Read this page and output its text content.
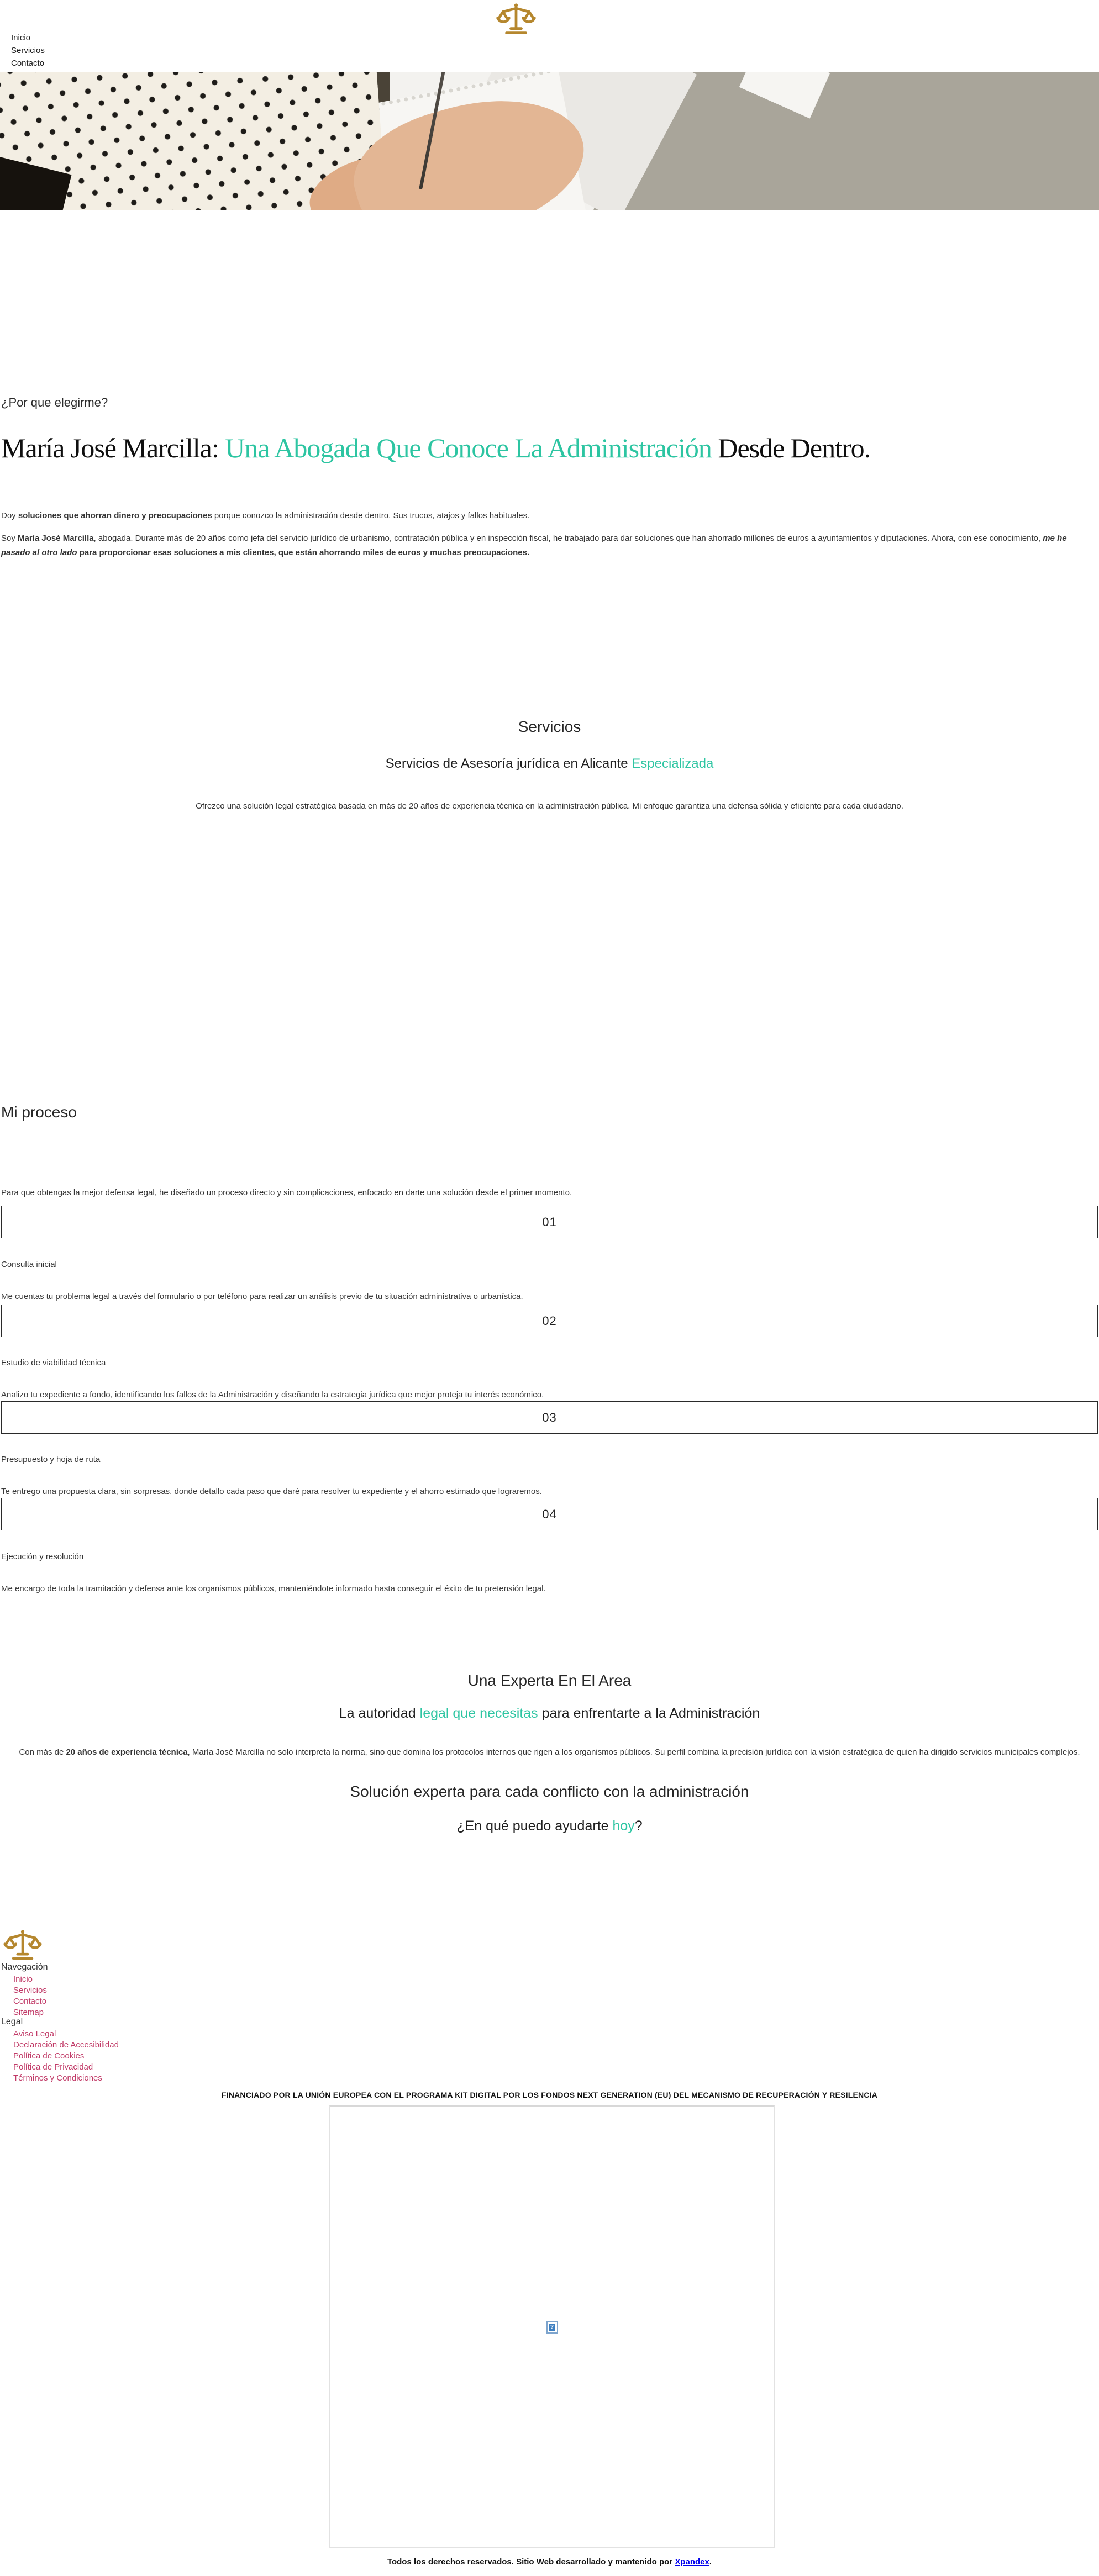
Inicio
Servicios
Contacto
¿Por que elegirme?
María José Marcilla: Una Abogada Que Conoce La Administración Desde Dentro.

Doy soluciones que ahorran dinero y preocupaciones porque conozco la administración desde dentro. Sus trucos, atajos y fallos habituales.

Soy María José Marcilla, abogada. Durante más de 20 años como jefa del servicio jurídico de urbanismo, contratación pública y en inspección fiscal, he trabajado para dar soluciones que han ahorrado millones de euros a ayuntamientos y diputaciones. Ahora, con ese conocimiento, me he pasado al otro lado para proporcionar esas soluciones a mis clientes, que están ahorrando miles de euros y muchas preocupaciones.

Servicios
Servicios de Asesoría jurídica en Alicante Especializada

Ofrezco una solución legal estratégica basada en más de 20 años de experiencia técnica en la administración pública. Mi enfoque garantiza una defensa sólida y eficiente para cada ciudadano.

Mi proceso

Para que obtengas la mejor defensa legal, he diseñado un proceso directo y sin complicaciones, enfocado en darte una solución desde el primer momento.

01
Consulta inicial
Me cuentas tu problema legal a través del formulario o por teléfono para realizar un análisis previo de tu situación administrativa o urbanística.
02
Estudio de viabilidad técnica
Analizo tu expediente a fondo, identificando los fallos de la Administración y diseñando la estrategia jurídica que mejor proteja tu interés económico.
03
Presupuesto y hoja de ruta
Te entrego una propuesta clara, sin sorpresas, donde detallo cada paso que daré para resolver tu expediente y el ahorro estimado que lograremos.
04
Ejecución y resolución
Me encargo de toda la tramitación y defensa ante los organismos públicos, manteniéndote informado hasta conseguir el éxito de tu pretensión legal.
Una Experta En El Area
La autoridad legal que necesitas para enfrentarte a la Administración

Con más de 20 años de experiencia técnica, María José Marcilla no solo interpreta la norma, sino que domina los protocolos internos que rigen a los organismos públicos. Su perfil combina la precisión jurídica con la visión estratégica de quien ha dirigido servicios municipales complejos.

Solución experta para cada conflicto con la administración
¿En qué puedo ayudarte hoy?
Navegación
Inicio
Servicios
Contacto
Sitemap
Legal
Aviso Legal
Declaración de Accesibilidad
Política de Cookies
Política de Privacidad
Términos y Condiciones
FINANCIADO POR LA UNIÓN EUROPEA CON EL PROGRAMA KIT DIGITAL POR LOS FONDOS NEXT GENERATION (EU) DEL MECANISMO DE RECUPERACIÓN Y RESILENCIA
?
Todos los derechos reservados. Sitio Web desarrollado y mantenido por Xpandex.
